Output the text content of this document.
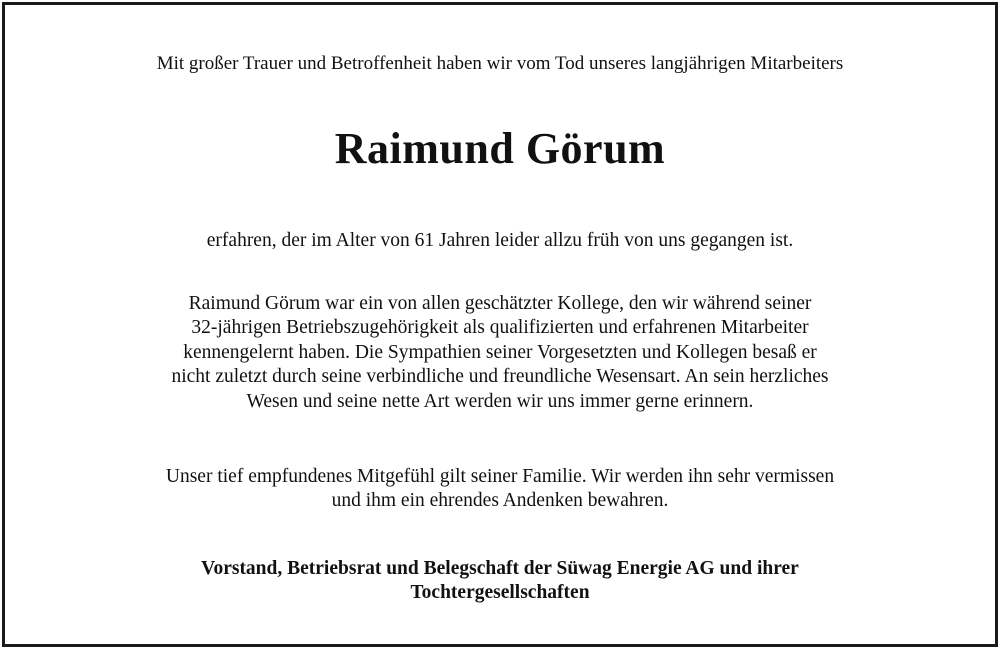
Mit großer Trauer und Betroffenheit haben wir vom Tod unseres langjährigen Mitarbeiters
Raimund Görum
erfahren, der im Alter von 61 Jahren leider allzu früh von uns gegangen ist.
Raimund Görum war ein von allen geschätzter Kollege, den wir während seiner
32-jährigen Betriebszugehörigkeit als qualifizierten und erfahrenen Mitarbeiter
kennengelernt haben. Die Sympathien seiner Vorgesetzten und Kollegen besaß er
nicht zuletzt durch seine verbindliche und freundliche Wesensart. An sein herzliches
Wesen und seine nette Art werden wir uns immer gerne erinnern.
Unser tief empfundenes Mitgefühl gilt seiner Familie. Wir werden ihn sehr vermissen
und ihm ein ehrendes Andenken bewahren.
Vorstand, Betriebsrat und Belegschaft der Süwag Energie AG und ihrer
Tochtergesellschaften
